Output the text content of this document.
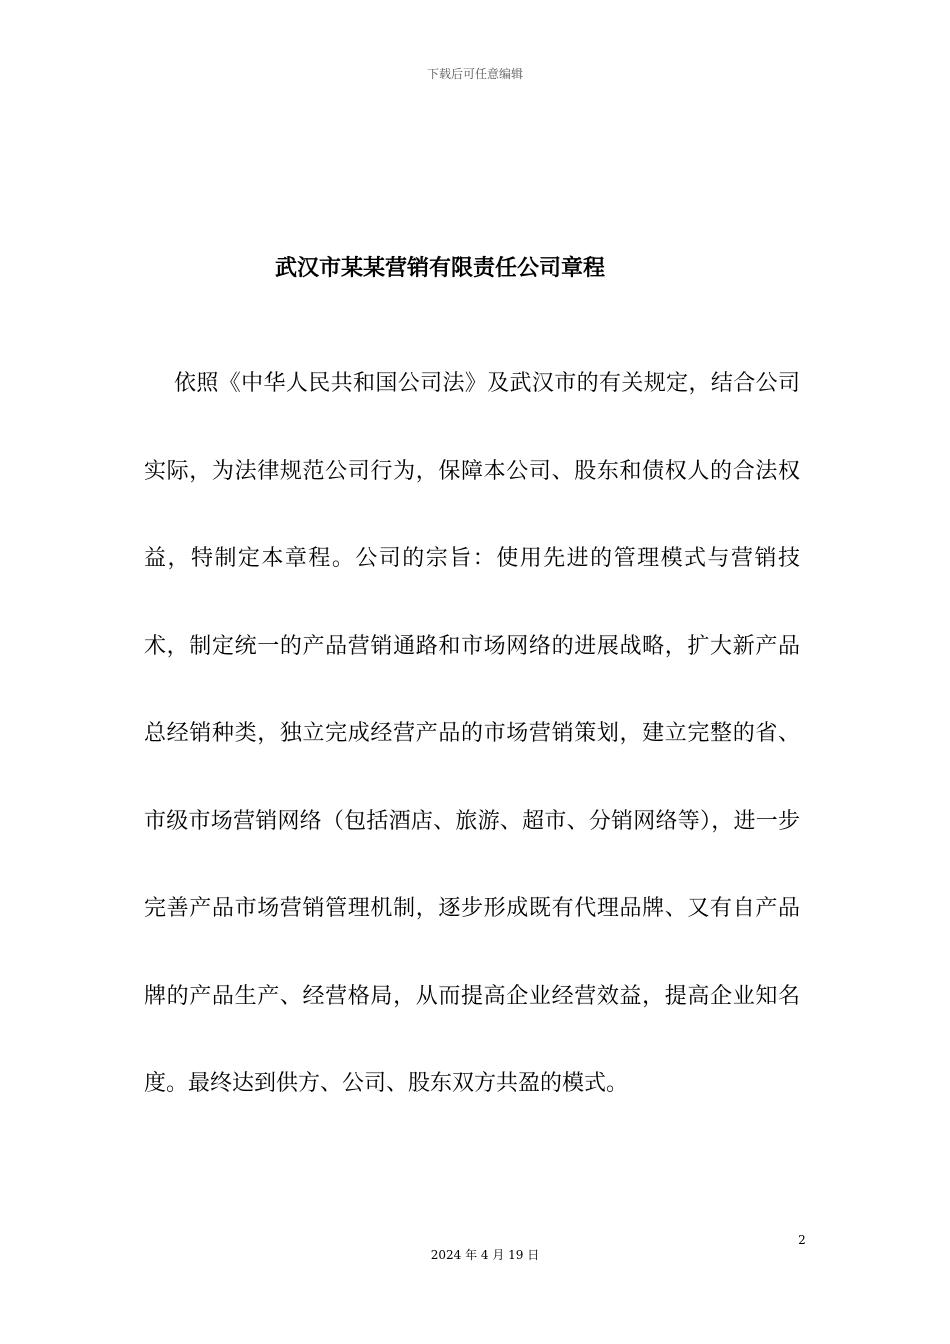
下载后可任意编辑
武汉市某某营销有限责任公司章程

依照《中华人民共和国公司法》及武汉市的有关规定，结合公司实际，为法律规范公司行为，保障本公司、股东和债权人的合法权益，特制定本章程。公司的宗旨：使用先进的管理模式与营销技术，制定统一的产品营销通路和市场网络的进展战略，扩大新产品总经销种类，独立完成经营产品的市场营销策划，建立完整的省、市级市场营销网络（包括酒店、旅游、超市、分销网络等），进一步完善产品市场营销管理机制，逐步形成既有代理品牌、又有自产品牌的产品生产、经营格局，从而提高企业经营效益，提高企业知名度。最终达到供方、公司、股东双方共盈的模式。

2
2024 年 4 月 19 日
